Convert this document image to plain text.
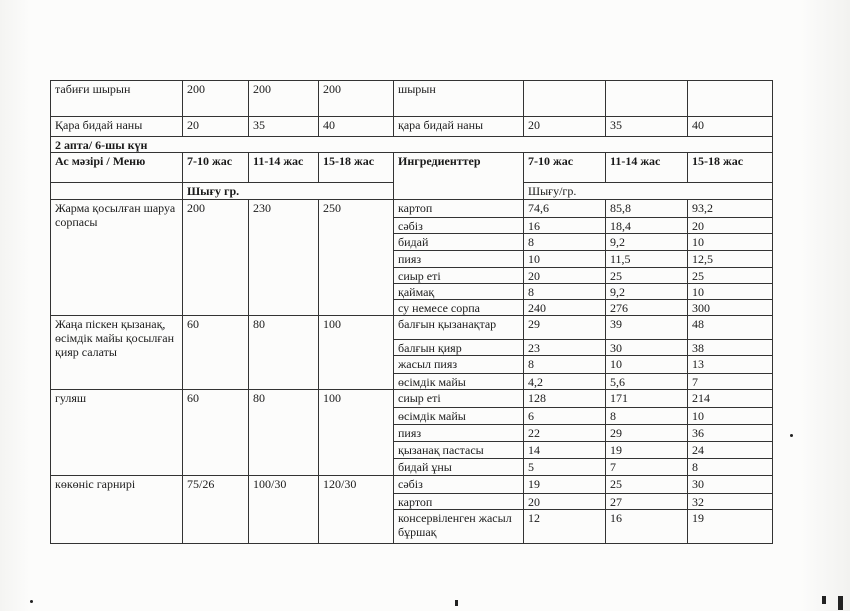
табиғи шырын	200	200	200	шырын			
Қара бидай наны	20	35	40	қара бидай наны	20	35	40
2 апта/ 6-шы күн							
Ас мәзірі / Меню	7-10 жас	11-14 жас	15-18 жас	Ингредиенттер	7-10 жас	11-14 жас	15-18 жас
	Шығу гр.				Шығу/гр.		
Жарма қосылған шаруа сорпасы	200	230	250	картоп	74,6	85,8	93,2
				сәбіз	16	18,4	20
				бидай	8	9,2	10
				пияз	10	11,5	12,5
				сиыр еті	20	25	25
				қаймақ	8	9,2	10
				су немесе сорпа	240	276	300
Жаңа піскен қызанақ, өсімдік майы қосылған қияр салаты	60	80	100	балғын қызанақтар	29	39	48
				балғын қияр	23	30	38
				жасыл пияз	8	10	13
				өсімдік майы	4,2	5,6	7
гуляш	60	80	100	сиыр еті	128	171	214
				өсімдік майы	6	8	10
				пияз	22	29	36
				қызанақ пастасы	14	19	24
				бидай ұны	5	7	8
көкөніс гарнирі	75/26	100/30	120/30	сәбіз	19	25	30
				картоп	20	27	32
				консервіленген жасыл бұршақ	12	16	19
